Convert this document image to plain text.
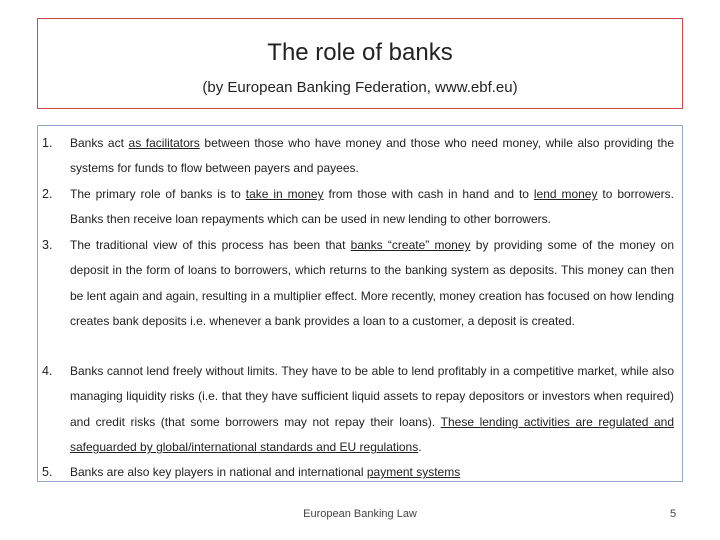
The role of banks
(by European Banking Federation, www.ebf.eu)
1. Banks act as facilitators between those who have money and those who need money, while also providing the systems for funds to flow between payers and payees.
2. The primary role of banks is to take in money from those with cash in hand and to lend money to borrowers. Banks then receive loan repayments which can be used in new lending to other borrowers.
3. The traditional view of this process has been that banks “create” money by providing some of the money on deposit in the form of loans to borrowers, which returns to the banking system as deposits. This money can then be lent again and again, resulting in a multiplier effect. More recently, money creation has focused on how lending creates bank deposits i.e. whenever a bank provides a loan to a customer, a deposit is created.
4. Banks cannot lend freely without limits. They have to be able to lend profitably in a competitive market, while also managing liquidity risks (i.e. that they have sufficient liquid assets to repay depositors or investors when required) and credit risks (that some borrowers may not repay their loans). These lending activities are regulated and safeguarded by global/international standards and EU regulations.
5. Banks are also key players in national and international payment systems
European Banking Law	5
